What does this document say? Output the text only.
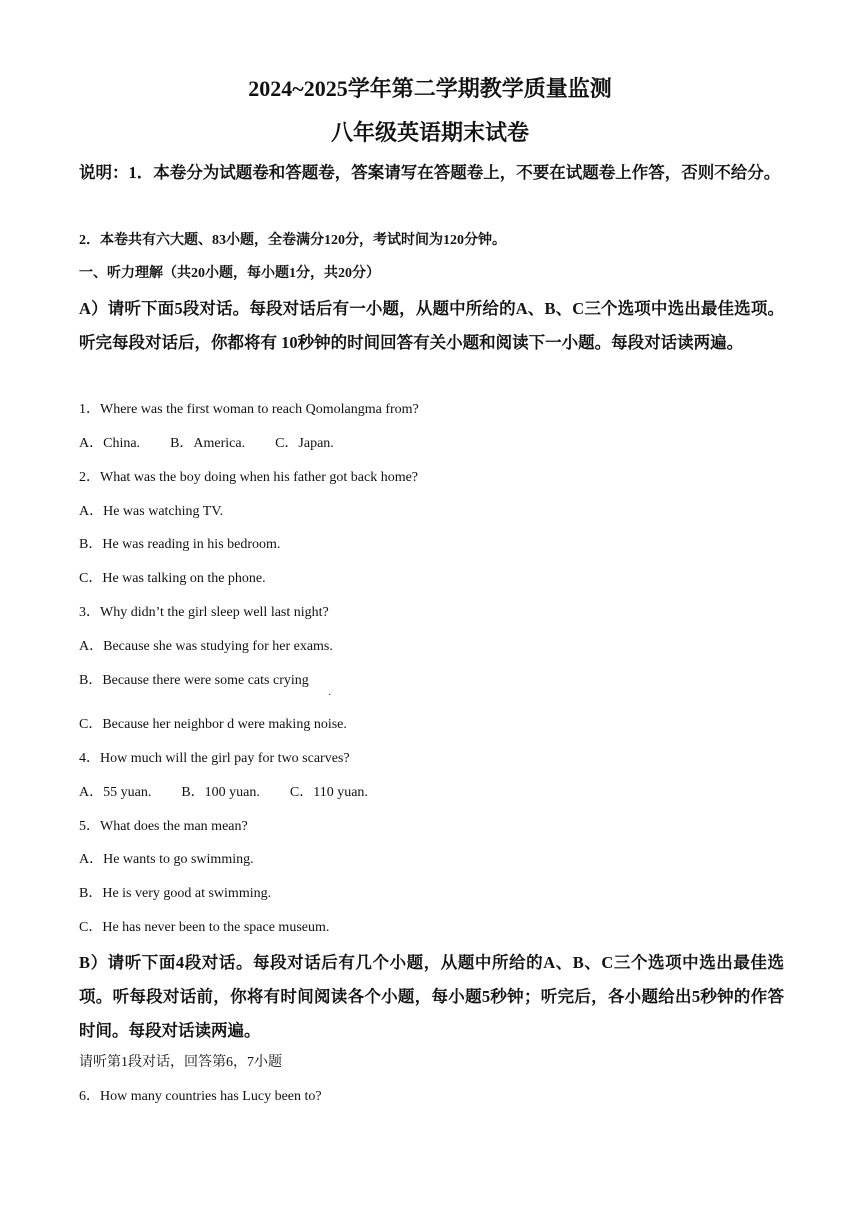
2024~2025学年第二学期教学质量监测
八年级英语期末试卷
说明：1．本卷分为试题卷和答题卷，答案请写在答题卷上，不要在试题卷上作答，否则不给分。
2．本卷共有六大题、83小题，全卷满分120分，考试时间为120分钟。
一、听力理解（共20小题，每小题1分，共20分）
A）请听下面5段对话。每段对话后有一小题，从题中所给的A、B、C三个选项中选出最佳选项。听完每段对话后，你都将有 10秒钟的时间回答有关小题和阅读下一小题。每段对话读两遍。
1．Where was the first woman to reach Qomolangma from?
A．China. B．America. C．Japan.
2．What was the boy doing when his father got back home?
A．He was watching TV.
B．He was reading in his bedroom.
C．He was talking on the phone.
3．Why didn’t the girl sleep well last night?
A．Because she was studying for her exams.
B．Because there were some cats crying
·
C．Because her neighbor d were making noise.
4．How much will the girl pay for two scarves?
A．55 yuan. B．100 yuan. C．110 yuan.
5．What does the man mean?
A．He wants to go swimming.
B．He is very good at swimming.
C．He has never been to the space museum.
B）请听下面4段对话。每段对话后有几个小题，从题中所给的A、B、C三个选项中选出最佳选项。听每段对话前，你将有时间阅读各个小题，每小题5秒钟；听完后，各小题给出5秒钟的作答时间。每段对话读两遍。
请听第1段对话，回答第6，7小题
6．How many countries has Lucy been to?
